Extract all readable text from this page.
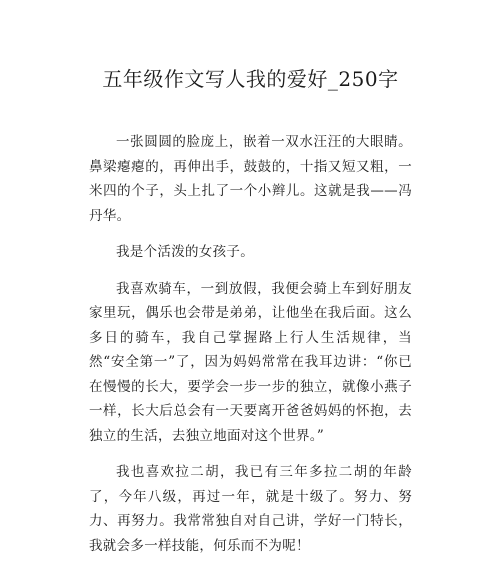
五年级作文写人我的爱好_250字

一张圆圆的脸庞上，嵌着一双水汪汪的大眼睛。鼻梁瘪瘪的，再伸出手，鼓鼓的，十指又短又粗，一米四的个子，头上扎了一个小辫儿。这就是我——冯丹华。

我是个活泼的女孩子。

我喜欢骑车，一到放假，我便会骑上车到好朋友家里玩，偶乐也会带是弟弟，让他坐在我后面。这么多日的骑车，我自己掌握路上行人生活规律，当然“安全第一”了，因为妈妈常常在我耳边讲：“你已在慢慢的长大，要学会一步一步的独立，就像小燕子一样，长大后总会有一天要离开爸爸妈妈的怀抱，去独立的生活，去独立地面对这个世界。”

我也喜欢拉二胡，我已有三年多拉二胡的年龄了，今年八级，再过一年，就是十级了。努力、努力、再努力。我常常独自对自己讲，学好一门特长，我就会多一样技能，何乐而不为呢！
